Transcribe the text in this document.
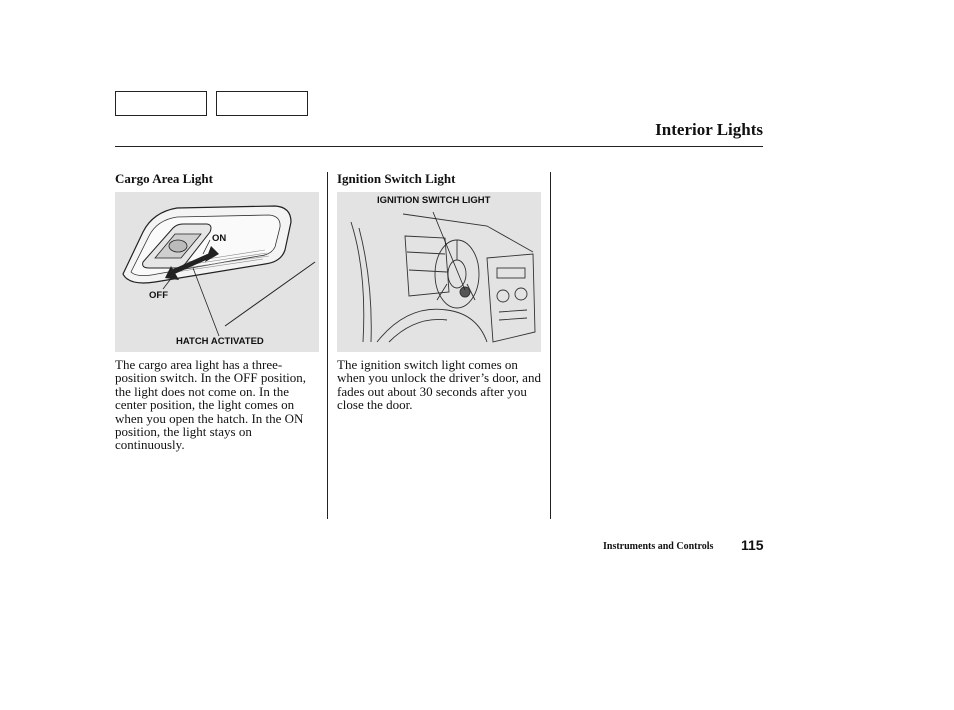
Interior Lights
Cargo Area Light	Ignition Switch Light
ON
OFF
HATCH ACTIVATED
IGNITION SWITCH LIGHT
The cargo area light has a three-position switch. In the OFF position, the light does not come on. In the center position, the light comes on when you open the hatch. In the ON position, the light stays on continuously.
The ignition switch light comes on when you unlock the driver’s door, and fades out about 30 seconds after you close the door.
Instruments and Controls 115
